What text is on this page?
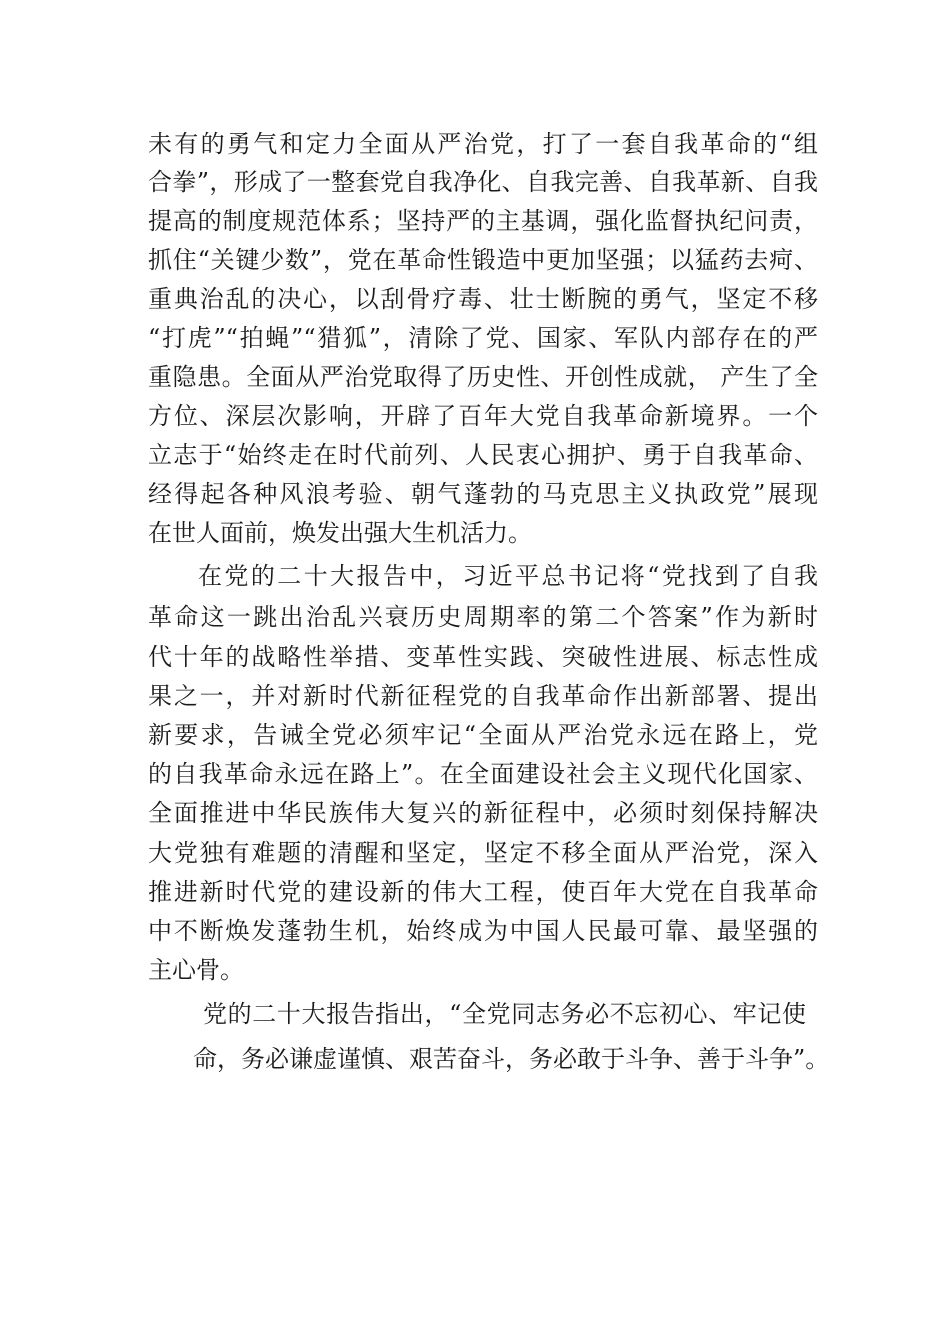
未有的勇气和定力全面从严治党，打了一套自我革命的“组
合拳”，形成了一整套党自我净化、自我完善、自我革新、自我
提高的制度规范体系；坚持严的主基调，强化监督执纪问责，
抓住“关键少数”，党在革命性锻造中更加坚强；以猛药去疴、
重典治乱的决心，以刮骨疗毒、壮士断腕的勇气，坚定不移
“打虎”“拍蝇”“猎狐”，清除了党、国家、军队内部存在的严
重隐患。全面从严治党取得了历史性、开创性成就， 产生了全
方位、深层次影响，开辟了百年大党自我革命新境界。一个
立志于“始终走在时代前列、人民衷心拥护、勇于自我革命、
经得起各种风浪考验、朝气蓬勃的马克思主义执政党”展现
在世人面前，焕发出强大生机活力。
在党的二十大报告中，习近平总书记将“党找到了自我
革命这一跳出治乱兴衰历史周期率的第二个答案”作为新时
代十年的战略性举措、变革性实践、突破性进展、标志性成
果之一，并对新时代新征程党的自我革命作出新部署、提出
新要求，告诫全党必须牢记“全面从严治党永远在路上，党
的自我革命永远在路上”。在全面建设社会主义现代化国家、
全面推进中华民族伟大复兴的新征程中，必须时刻保持解决
大党独有难题的清醒和坚定，坚定不移全面从严治党，深入
推进新时代党的建设新的伟大工程，使百年大党在自我革命
中不断焕发蓬勃生机，始终成为中国人民最可靠、最坚强的
主心骨。
党的二十大报告指出，“全党同志务必不忘初心、牢记使
命，务必谦虚谨慎、艰苦奋斗，务必敢于斗争、善于斗争”。
